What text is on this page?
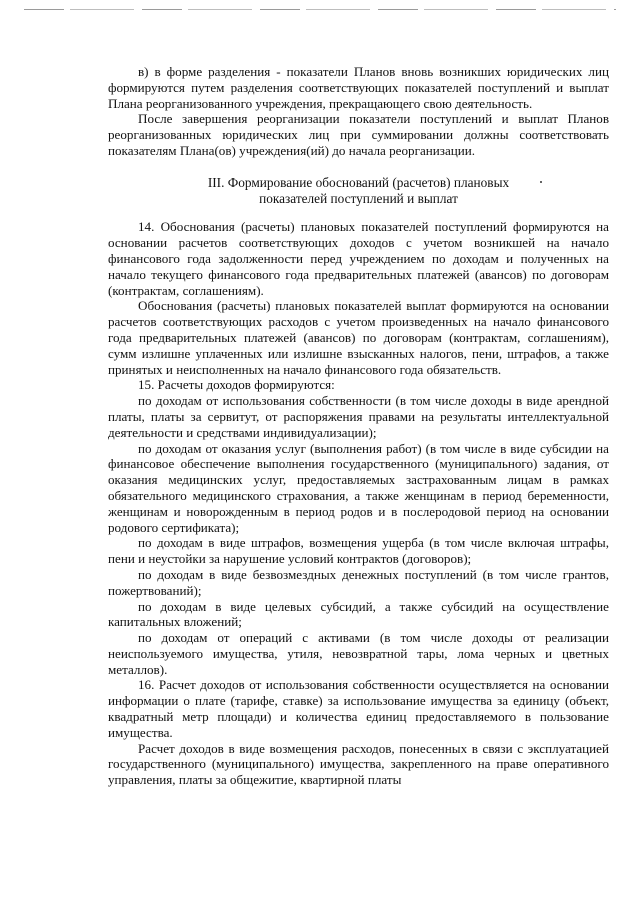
в) в форме разделения - показатели Планов вновь возникших юридических лиц формируются путем разделения соответствующих показателей поступлений и выплат Плана реорганизованного учреждения, прекращающего свою деятельность.

После завершения реорганизации показатели поступлений и выплат Планов реорганизованных юридических лиц при суммировании должны соответствовать показателям Плана(ов) учреждения(ий) до начала реорганизации.

III. Формирование обоснований (расчетов) плановых
показателей поступлений и выплат

14. Обоснования (расчеты) плановых показателей поступлений формируются на основании расчетов соответствующих доходов с учетом возникшей на начало финансового года задолженности перед учреждением по доходам и полученных на начало текущего финансового года предварительных платежей (авансов) по договорам (контрактам, соглашениям).

Обоснования (расчеты) плановых показателей выплат формируются на основании расчетов соответствующих расходов с учетом произведенных на начало финансового года предварительных платежей (авансов) по договорам (контрактам, соглашениям), сумм излишне уплаченных или излишне взысканных налогов, пени, штрафов, а также принятых и неисполненных на начало финансового года обязательств.

15. Расчеты доходов формируются:

по доходам от использования собственности (в том числе доходы в виде арендной платы, платы за сервитут, от распоряжения правами на результаты интеллектуальной деятельности и средствами индивидуализации);

по доходам от оказания услуг (выполнения работ) (в том числе в виде субсидии на финансовое обеспечение выполнения государственного (муниципального) задания, от оказания медицинских услуг, предоставляемых застрахованным лицам в рамках обязательного медицинского страхования, а также женщинам в период беременности, женщинам и новорожденным в период родов и в послеродовой период на основании родового сертификата);

по доходам в виде штрафов, возмещения ущерба (в том числе включая штрафы, пени и неустойки за нарушение условий контрактов (договоров);

по доходам в виде безвозмездных денежных поступлений (в том числе грантов, пожертвований);

по доходам в виде целевых субсидий, а также субсидий на осуществление капитальных вложений;

по доходам от операций с активами (в том числе доходы от реализации неиспользуемого имущества, утиля, невозвратной тары, лома черных и цветных металлов).

16. Расчет доходов от использования собственности осуществляется на основании информации о плате (тарифе, ставке) за использование имущества за единицу (объект, квадратный метр площади) и количества единиц предоставляемого в пользование имущества.

Расчет доходов в виде возмещения расходов, понесенных в связи с эксплуатацией государственного (муниципального) имущества, закрепленного на праве оперативного управления, платы за общежитие, квартирной платы
